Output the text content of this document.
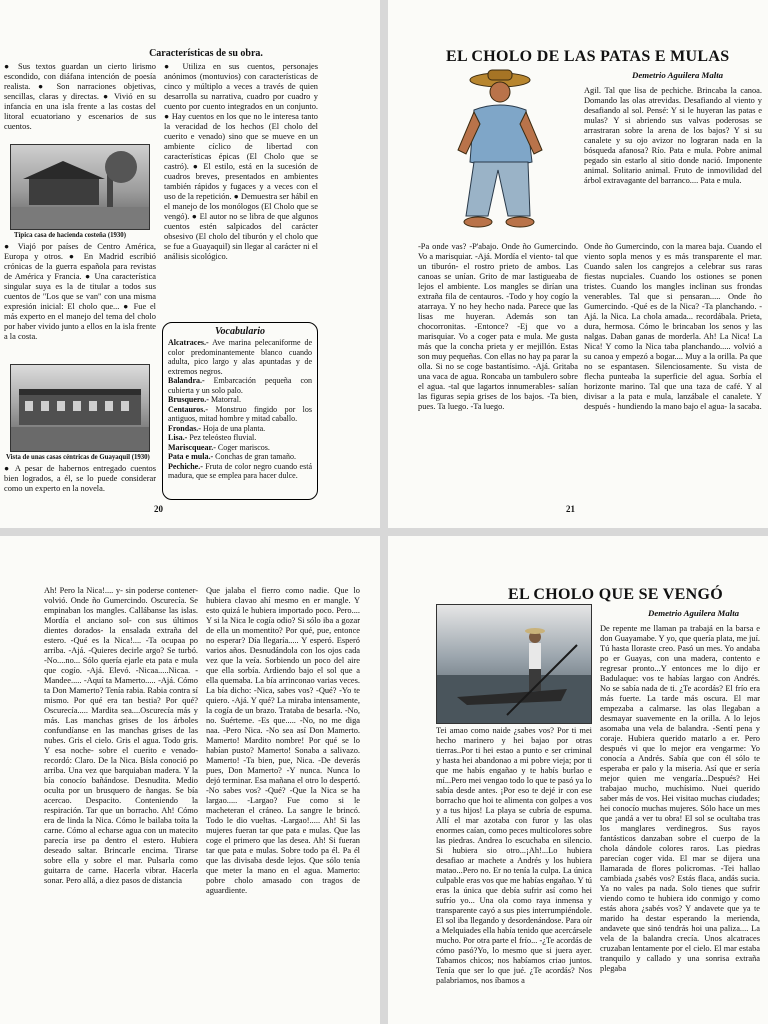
Características de su obra.

● Sus textos guardan un cierto lirismo escondido, con diáfana intención de poesía realista. ● Son narraciones objetivas, sencillas, claras y directas. ● Vivió en su infancia en una isla frente a las costas del litoral ecuatoriano y escenarios de sus cuentos.

Típica casa de hacienda costeña (1930)

● Viajó por países de Centro América, Europa y otros. ● En Madrid escribió crónicas de la guerra española para revistas de América y Francia. ● Una característica singular suya es la de titular a todos sus cuentos de "Los que se van" con una misma expresión inicial: El cholo que... ● Fue el más experto en el manejo del tema del cholo por haber vivido junto a ellos en la isla frente a la costa.

Vista de unas casas céntricas de Guayaquil (1930)

● A pesar de habernos entregado cuentos bien logrados, a él, se lo puede considerar como un experto en la novela.

● Utiliza en sus cuentos, personajes anónimos (montuvios) con características de cinco y múltiplo a veces a través de quien desarrolla su narrativa, cuadro por cuadro y cuento por cuento integrados en un conjunto. ● Hay cuentos en los que no le interesa tanto la veracidad de los hechos (El cholo del cuerito e venado) sino que se mueve en un ambiente cíclico de libertad con características épicas (El Cholo que se castró). ● El estilo, está en la sucesión de cuadros breves, presentados en ambientes también rápidos y fugaces y a veces con el uso de la repetición. ● Demuestra ser hábil en el manejo de los monólogos (El Cholo que se vengó). ● El autor no se libra de que algunos cuentos estén salpicados del carácter obsesivo (El cholo del tiburón y el cholo que se fue a Guayaquil) sin llegar al carácter ni el análisis sicológico.

Vocabulario

Alcatraces.- Ave marina pelecaniforme de color predominantemente blanco cuando adulta, pico largo y alas apuntadas y de extremos negros.
Balandra.- Embarcación pequeña con cubierta y un solo palo.
Brusquero.- Matorral.
Centauros.- Monstruo fingido por los antiguos, mitad hombre y mitad caballo.
Frondas.- Hoja de una planta.
Lisa.- Pez teleósteo fluvial.
Mariscquear.- Coger mariscos.
Pata e mula.- Conchas de gran tamaño.
Pechiche.- Fruta de color negro cuando está madura, que se emplea para hacer dulce.

20
EL CHOLO DE LAS PATAS E MULAS
Demetrio Aguilera Malta

Agil. Tal que lisa de pechiche. Brincaba la canoa. Domando las olas atrevidas. Desafiando al viento y desafiando al sol. Pensé: Y si le huyeran las patas e mulas? Y si abriendo sus valvas poderosas se arrastraran sobre la arena de los bajos? Y si su canalete y su ojo avizor no lograran nada en la bósqueda afanosa? Río. Pata e mula. Pobre animal pegado sin estarlo al sitio donde nació. Imponente animal. Solitario animal. Fruto de inmovilidad del árbol extravagante del barranco.... Pata e mula.

-Pa onde vas? -P'abajo. Onde ño Gumercindo. Vo a marisquiar. -Ajá. Mordía el viento- tal que un tiburón- el rostro prieto de ambos. Las canoas se unían. Grito de mar lastigueaba de lejos el ambiente. Los mangles se dirían una extraña fila de centauros. -Todo y hoy cogío la atarraya. Y no hey hecho nada. Parece que las lisas me huyeran. Además son tan chocorronitas. -Entonce? -Ej que vo a marisquiar. Vo a coger pata e mula. Me gusta más que la concha prieta y er mejillón. Estas son muy pequeñas. Con ellas no hay pa parar la olla. Si no se coge bastantísimo. -Ajá. Gritaba una vaca de agua. Roncaba un tambulero sobre el agua. -tal que lagartos innumerables- salían las figuras sepia grises de los bajos. -Ta bien, pues. Ta luego. -Ta luego.

Onde ño Gumercindo, con la marea baja. Cuando el viento sopla menos y es más transparente el mar. Cuando salen los cangrejos a celebrar sus raras fiestas nupciales. Cuando los ostiones se ponen tristes. Cuando los mangles inclinan sus frondas venerables. Tal que si pensaran..... Onde ño Gumercindo. -Qué es de la Nica? -Ta planchando. -Ajá. la Nica. La chola amada... recordábala. Prieta, dura, hermosa. Cómo le brincaban los senos y las nalgas. Daban ganas de morderla. Ah! La Nica! La Nica! Y como la Nica taba planchando..... volvió a su canoa y empezó a bogar.... Muy a la orilla. Pa que no se espantasen. Silenciosamente. Su vista de flecha punteaba la superficie del agua. Sorbía el horizonte marino. Tal que una taza de café. Y al divisar a la pata e mula, lanzábale el canalete. Y después - hundiendo la mano bajo el agua- la sacaba.

21

Ah! Pero la Nica!.... y- sin poderse contener- volvió. Onde ño Gumercindo. Oscurecía. Se empinaban los mangles. Callábanse las islas. Mordía el anciano sol- con sus últimos dientes dorados- la ensalada extraña del estero. -Qué es la Nica!.... -Ta ocupaa po arriba. -Ajá. -Quieres decirle argo? Se turbó. -No....no... Sólo quería ejarle eta pata e mula que cogío. -Ajá. Elevó. -Nicaa.....Nicaa. -Mandee..... -Aquí ta Mamerto..... -Ajá. Cómo ta Don Mamerto? Tenía rabia. Rabia contra sí mismo. Por qué era tan bestia? Por qué? Oscurecía..... Mardita sea....Oscurecía más y más. Las manchas grises de los árboles confundíanse en las manchas grises de las nubes. Gris el cielo. Gris el agua. Todo gris. Y esa noche- sobre el cuerito e venado- recordó: Claro. De la Nica. Bísla conoció po arriba. Una vez que barquiaban madera. Y la bía conocío bañándose. Desnudita. Medio oculta por un brusquero de ñangas. Se bía acercao. Despacito. Conteniendo la respiración. Tar que un borracho. Ah! Cómo era de linda la Nica. Cómo le bailaba toíta la carne. Cómo al echarse agua con un matecito parecía irse pa dentro el estero. Hubiera deseado saltar. Brincarle encima. Tirarse sobre ella y sobre el mar. Pulsarla como guitarra de carne. Hacerla vibrar. Hacerla sonar. Pero allá, a diez pasos de distancia

Que jalaba el fierro como nadie. Que lo hubiera clavao ahí mesmo en er mangle. Y esto quizá le hubiera importado poco. Pero.... Y si la Nica le cogía odio? Si sólo iba a gozar de ella un momentito? Por qué, pue, entonce no esperar? Día llegaría..... Y esperó. Esperó varios años. Desnudándola con los ojos cada vez que la veía. Sorbiendo un poco del aire que ella sorbía. Ardiendo bajo el sol que a ella quemaba. La bía arrinconao varias veces. La bía dicho: -Nica, sabes vos? -Qué? -Yo te quiero. -Ajá. Y qué? La miraba intensamente, la cogía de un brazo. Trataba de besarla. -No, no. Suérteme. -Es que..... -No, no me diga naa. -Pero Nica. -No sea así Don Mamerto. Mamerto! Mardito nombre! Por qué se lo habían pusto? Mamerto! Sonaba a salivazo. Mamerto! -Ta bien, pue, Nica. -De deverás pues, Don Mamerto? -Y nunca. Nunca lo dejó terminar. Esa mañana el otro lo despertó. -No sabes vos? -Qué? -Que la Nica se ha largao..... -Largao? Fue como si le macheteran el cráneo. La sangre le brincó. Todo le dio vueltas. -Largao!..... Ah! Si las mujeres fueran tar que pata e mulas. Que las coge el primero que las desea. Ah! Si fueran tar que pata e mulas. Sobre todo pa él. Pa él que las divisaba desde lejos. Que sólo tenía que meter la mano en el agua. Mamerto: pobre cholo amasado con tragos de aguardiente.

EL CHOLO QUE SE VENGÓ
Demetrio Aguilera Malta

Tei amao como naide ¿sabes vos? Por ti mei hecho marinero y hei bajao por otras tierras..Por ti hei estao a punto e ser criminal y hasta hei abandonao a mi pobre vieja; por ti que me habís engañao y te habís burlao e mí...Pero mei vengao todo lo que te pasó ya lo sabía desde antes. ¡Por eso te dejé ir con ese borracho que hoi te alimenta con golpes a vos y a tus hijos! La playa se cubría de espuma. Allí el mar azotaba con furor y las olas enormes caían, como peces multicolores sobre las piedras. Andrea lo escuchaba en silencio. Si hubiera sio otro...¡Ah!...Lo hubiera desafiao ar machete a Andrés y los hubiera matao...Pero no. Er no tenía la culpa. La única culpable eras vos que me habías engañao. Y tú eras la única que debía sufrir así como hei sufrío yo... Una ola como raya inmensa y transparente cayó a sus pies interrumpiéndole. El sol iba llegando y desordenándose. Para oír a Melquiades ella había tenido que acercársele mucho. Por otra parte el frío... -¿Te acordás de cómo pasó?Yo, lo mesmo que si juera ayer. Tabamos chicos; nos habíamos criao juntos. Tenía que ser lo que jué. ¿Te acordás? Nos palabriamos, nos íbamos a

De repente me llaman pa trabajá en la barsa e don Guayamabe. Y yo, que quería plata, me juí. Tú hasta lloraste creo. Pasó un mes. Yo andaba po er Guayas, con una madera, contento e regresar pronto...Y entonces me lo dijo er Badulaque: vos te habías largao con Andrés. No se sabía nada de ti. ¿Te acordás? El frío era más fuerte. La tarde más oscura. El mar empezaba a calmarse. las olas llegaban a desmayar suavemente en la orilla. A lo lejos asomaba una vela de balandra. -Sentí pena y coraje. Hubiera querido matarlo a er. Pero después vi que lo mejor era vengarme: Yo conocía a Andrés. Sabía que con él sólo te esperaba er palo y la miseria. Así que er sería mejor quien me vengaría...Después? Hei trabajao mucho, muchísimo. Nuei querido saber más de vos. Hei visitao muchas ciudades; hei conocío muchas mujeres. Sólo hace un mes que ¡andá a ver tu obra! El sol se ocultaba tras los manglares verdinegros. Sus rayos fantásticos danzaban sobre el cuerpo de la chola dándole colores raros. Las piedras parecían coger vida. El mar se dijera una llamarada de flores policromas. -Tei hallao cambiada ¿sabés vos? Estás flaca, andás sucia. Ya no vales pa nada. Solo tienes que sufrir viendo como te hubiera ido conmigo y como estás ahora ¿sabés vos? Y andavete que ya te marido ha destar esperando la merienda, andavete que sinó tendrás hoi una paliza.... La vela de la balandra crecía. Unos alcatraces cruzaban lentamente por el cielo. El mar estaba tranquilo y callado y una sonrisa extraña plegaba
